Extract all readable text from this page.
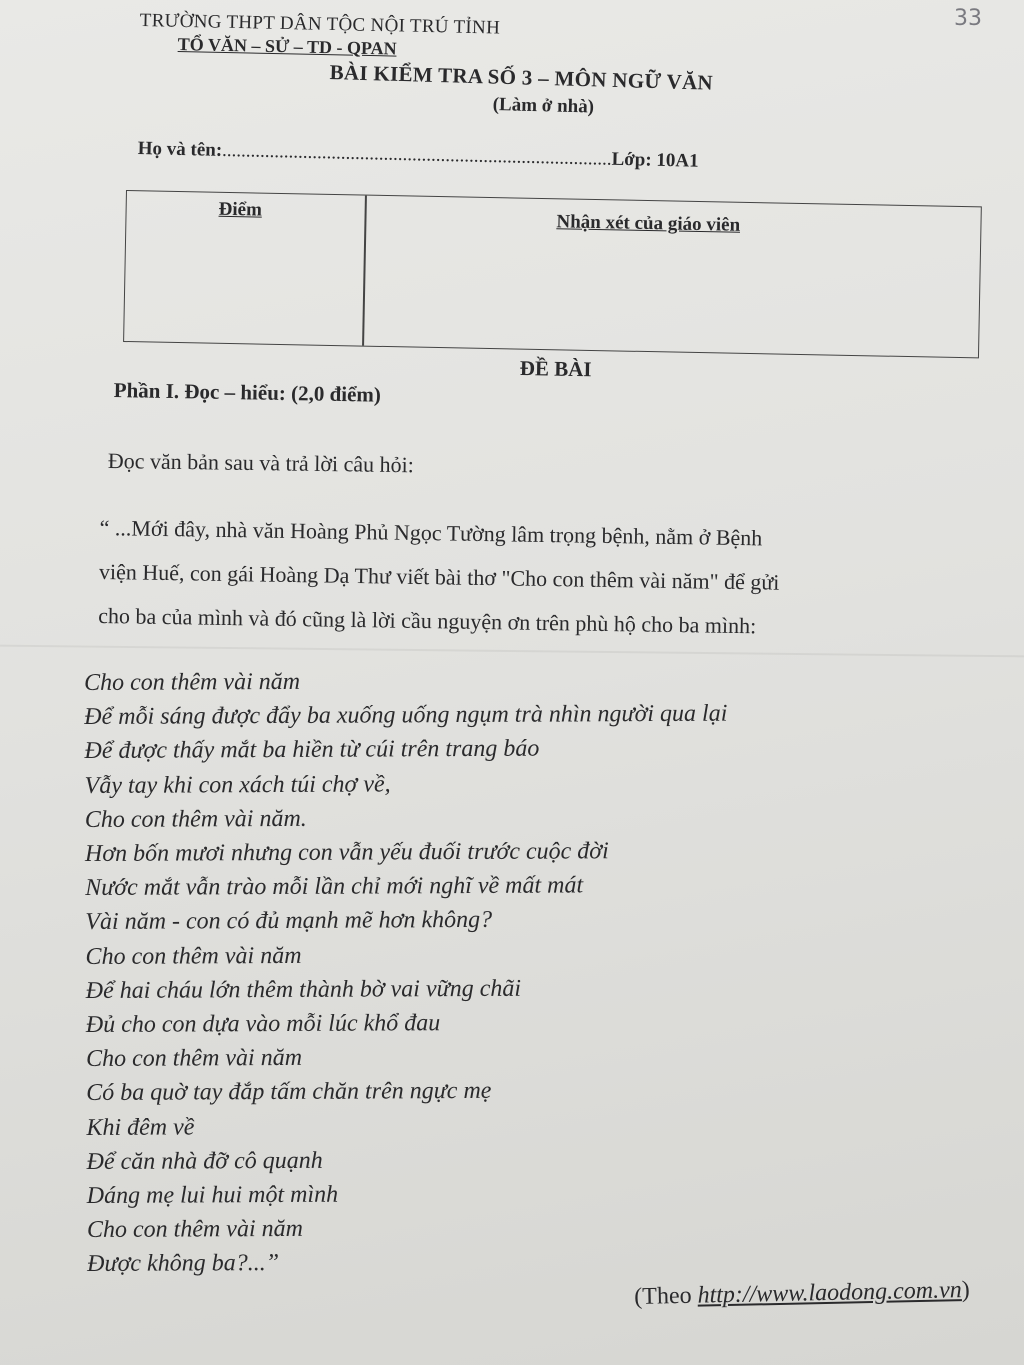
33
TRƯỜNG THPT DÂN TỘC NỘI TRÚ TỈNH
TỔ VĂN – SỬ – TD - QPAN
BÀI KIỂM TRA SỐ 3 – MÔN NGỮ VĂN
(Làm ở nhà)
Họ và tên:..................................................................................Lớp: 10A1
Điểm
Nhận xét của giáo viên
ĐỀ BÀI
Phần I. Đọc – hiểu: (2,0 điểm)
Đọc văn bản sau và trả lời câu hỏi:
“ ...Mới đây, nhà văn Hoàng Phủ Ngọc Tường lâm trọng bệnh, nằm ở Bệnh
viện Huế, con gái Hoàng Dạ Thư viết bài thơ "Cho con thêm vài năm" để gửi
cho ba của mình và đó cũng là lời cầu nguyện ơn trên phù hộ cho ba mình:
Cho con thêm vài năm
Để mỗi sáng được đẩy ba xuống uống ngụm trà nhìn người qua lại
Để được thấy mắt ba hiền từ cúi trên trang báo
Vẫy tay khi con xách túi chợ về,
Cho con thêm vài năm.
Hơn bốn mươi nhưng con vẫn yếu đuối trước cuộc đời
Nước mắt vẫn trào mỗi lần chỉ mới nghĩ về mất mát
Vài năm - con có đủ mạnh mẽ hơn không?
Cho con thêm vài năm
Để hai cháu lớn thêm thành bờ vai vững chãi
Đủ cho con dựa vào mỗi lúc khổ đau
Cho con thêm vài năm
Có ba quờ tay đắp tấm chăn trên ngực mẹ
Khi đêm về
Để căn nhà đỡ cô quạnh
Dáng mẹ lui hui một mình
Cho con thêm vài năm
Được không ba?...”
(Theo http://www.laodong.com.vn)
